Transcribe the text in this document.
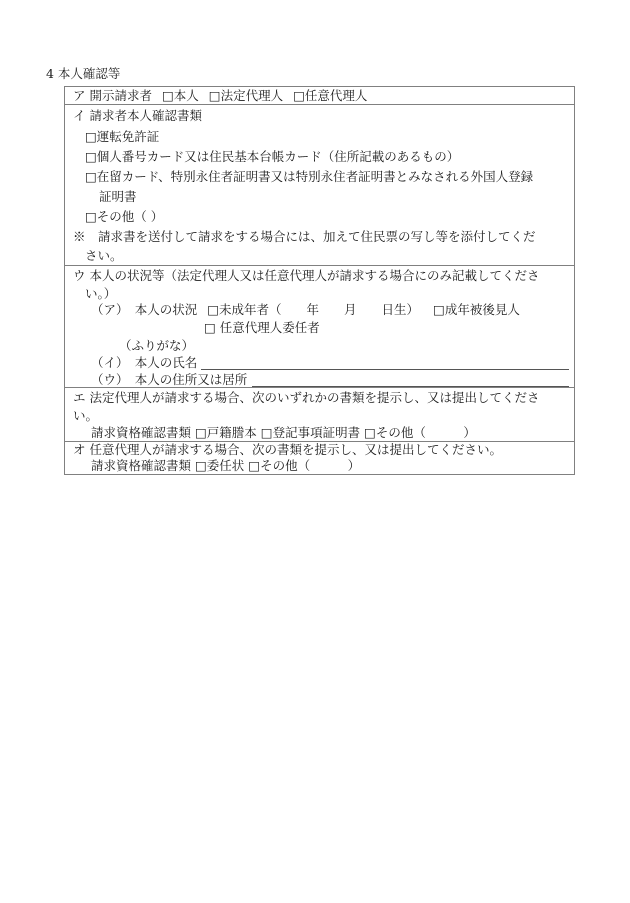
4 本人確認等
ア 開示請求者 □本人 □法定代理人 □任意代理人
イ 請求者本人確認書類
□運転免許証
□個人番号カード又は住民基本台帳カード（住所記載のあるもの）
□在留カード、特別永住者証明書又は特別永住者証明書とみなされる外国人登録
証明書
□その他（ ）
※　請求書を送付して請求をする場合には、加えて住民票の写し等を添付してくだ
さい。
ウ 本人の状況等（法定代理人又は任意代理人が請求する場合にのみ記載してくださ
い。）
（ア）　本人の状況 □未成年者（　　年　　月　　日生） □成年被後見人
□ 任意代理人委任者
（ふりがな）
（イ）　本人の氏名
（ウ）　本人の住所又は居所
エ 法定代理人が請求する場合、次のいずれかの書類を提示し、又は提出してくださ
い。
請求資格確認書類 □戸籍謄本 □登記事項証明書 □その他（　　　）
オ 任意代理人が請求する場合、次の書類を提示し、又は提出してください。
請求資格確認書類 □委任状 □その他（　　　）
